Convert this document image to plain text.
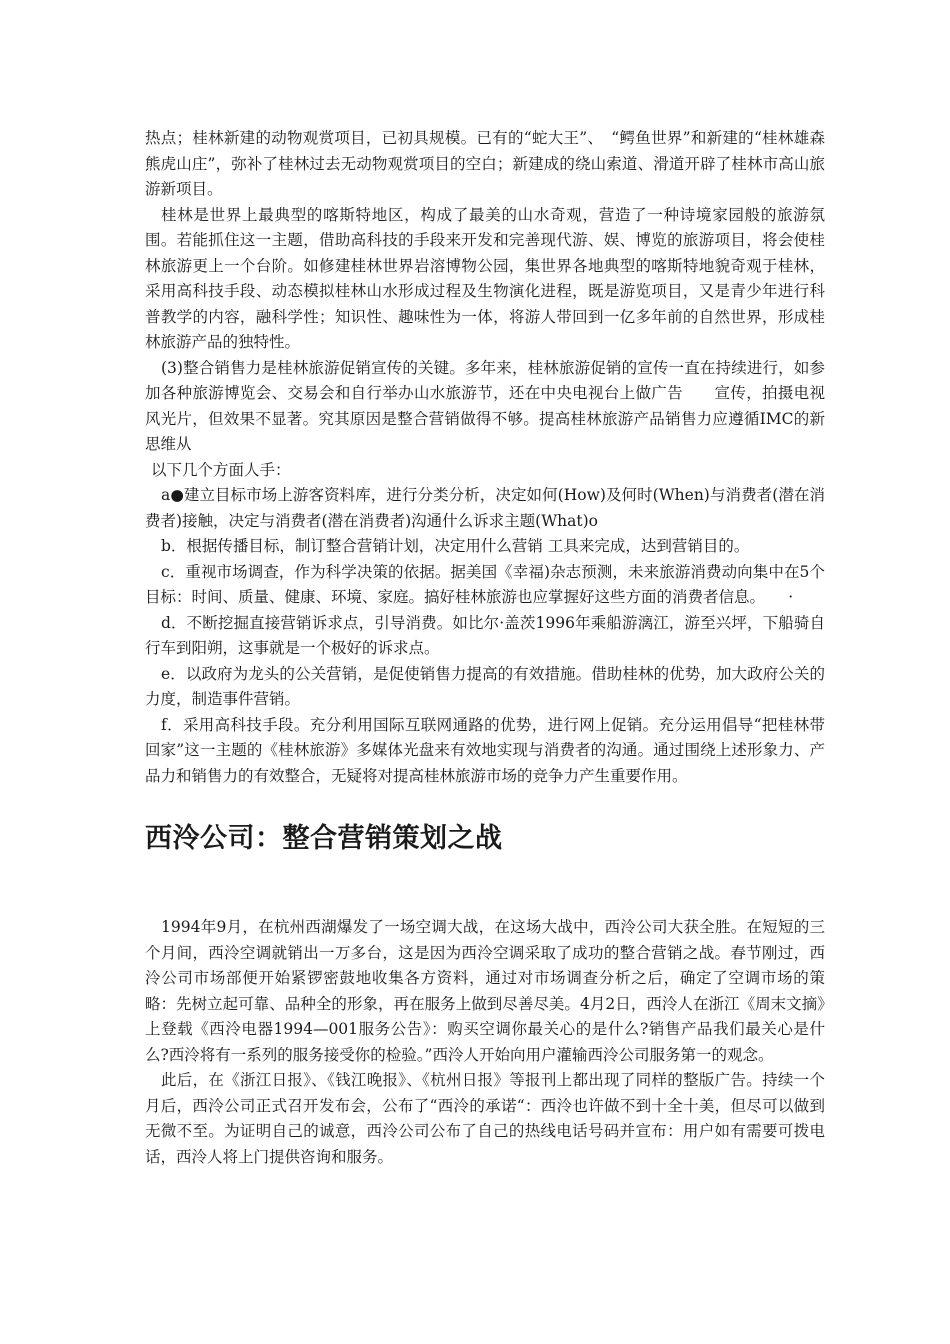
热点；桂林新建的动物观赏项目，已初具规模。已有的“蛇大王”、　“鳄鱼世界”和新建的“桂林雄森熊虎山庄”，弥补了桂林过去无动物观赏项目的空白；新建成的绕山索道、滑道开辟了桂林市高山旅游新项目。

桂林是世界上最典型的喀斯特地区，构成了最美的山水奇观，营造了一种诗境家园般的旅游氛围。若能抓住这一主题，借助高科技的手段来开发和完善现代游、娱、博览的旅游项目，将会使桂林旅游更上一个台阶。如修建桂林世界岩溶博物公园，集世界各地典型的喀斯特地貌奇观于桂林，采用高科技手段、动态模拟桂林山水形成过程及生物演化进程，既是游览项目，又是青少年进行科普教学的内容，融科学性；知识性、趣味性为一体，将游人带回到一亿多年前的自然世界，形成桂林旅游产品的独特性。

(3)整合销售力是桂林旅游促销宣传的关键。多年来，桂林旅游促销的宣传一直在持续进行，如参加各种旅游博览会、交易会和自行举办山水旅游节，还在中央电视台上做广告　　宣传，拍摄电视风光片，但效果不显著。究其原因是整合营销做得不够。提高桂林旅游产品销售力应遵循IMC的新思维从

以下几个方面人手：

a●建立目标市场上游客资料库，进行分类分析，决定如何(How)及何时(When)与消费者(潜在消费者)接触，决定与消费者(潜在消费者)沟通什么诉求主题(What)o

b．根据传播目标，制订整合营销计划，决定用什么营销 工具来完成，达到营销目的。

c．重视市场调查，作为科学决策的依据。据美国《幸福)杂志预测，未来旅游消费动向集中在5个目标：时间、质量、健康、环境、家庭。搞好桂林旅游也应掌握好这些方面的消费者信息。　　·

d．不断挖掘直接营销诉求点，引导消费。如比尔·盖茨1996年乘船游漓江，游至兴坪，下船骑自行车到阳朔，这事就是一个极好的诉求点。

e．以政府为龙头的公关营销，是促使销售力提高的有效措施。借助桂林的优势，加大政府公关的力度，制造事件营销。

f．采用高科技手段。充分利用国际互联网通路的优势，进行网上促销。充分运用倡导“把桂林带回家”这一主题的《桂林旅游》多媒体光盘来有效地实现与消费者的沟通。通过围绕上述形象力、产品力和销售力的有效整合，无疑将对提高桂林旅游市场的竞争力产生重要作用。

西泠公司：整合营销策划之战

1994年9月，在杭州西湖爆发了一场空调大战，在这场大战中，西泠公司大获全胜。在短短的三个月间，西泠空调就销出一万多台，这是因为西泠空调采取了成功的整合营销之战。春节刚过，西泠公司市场部便开始紧锣密鼓地收集各方资料，通过对市场调查分析之后，确定了空调市场的策略：先树立起可靠、品种全的形象，再在服务上做到尽善尽美。4月2日，西泠人在浙江《周末文摘》上登载《西泠电器1994—001服务公告》：购买空调你最关心的是什么?销售产品我们最关心是什么?西泠将有一系列的服务接受你的检验。”西泠人开始向用户灌输西泠公司服务第一的观念。

此后，在《浙江日报》、《钱江晚报》、《杭州日报》等报刊上都出现了同样的整版广告。持续一个月后，西泠公司正式召开发布会，公布了“西泠的承诺“：西泠也许做不到十全十美，但尽可以做到无微不至。为证明自己的诚意，西泠公司公布了自己的热线电话号码并宣布：用户如有需要可拨电话，西泠人将上门提供咨询和服务。
